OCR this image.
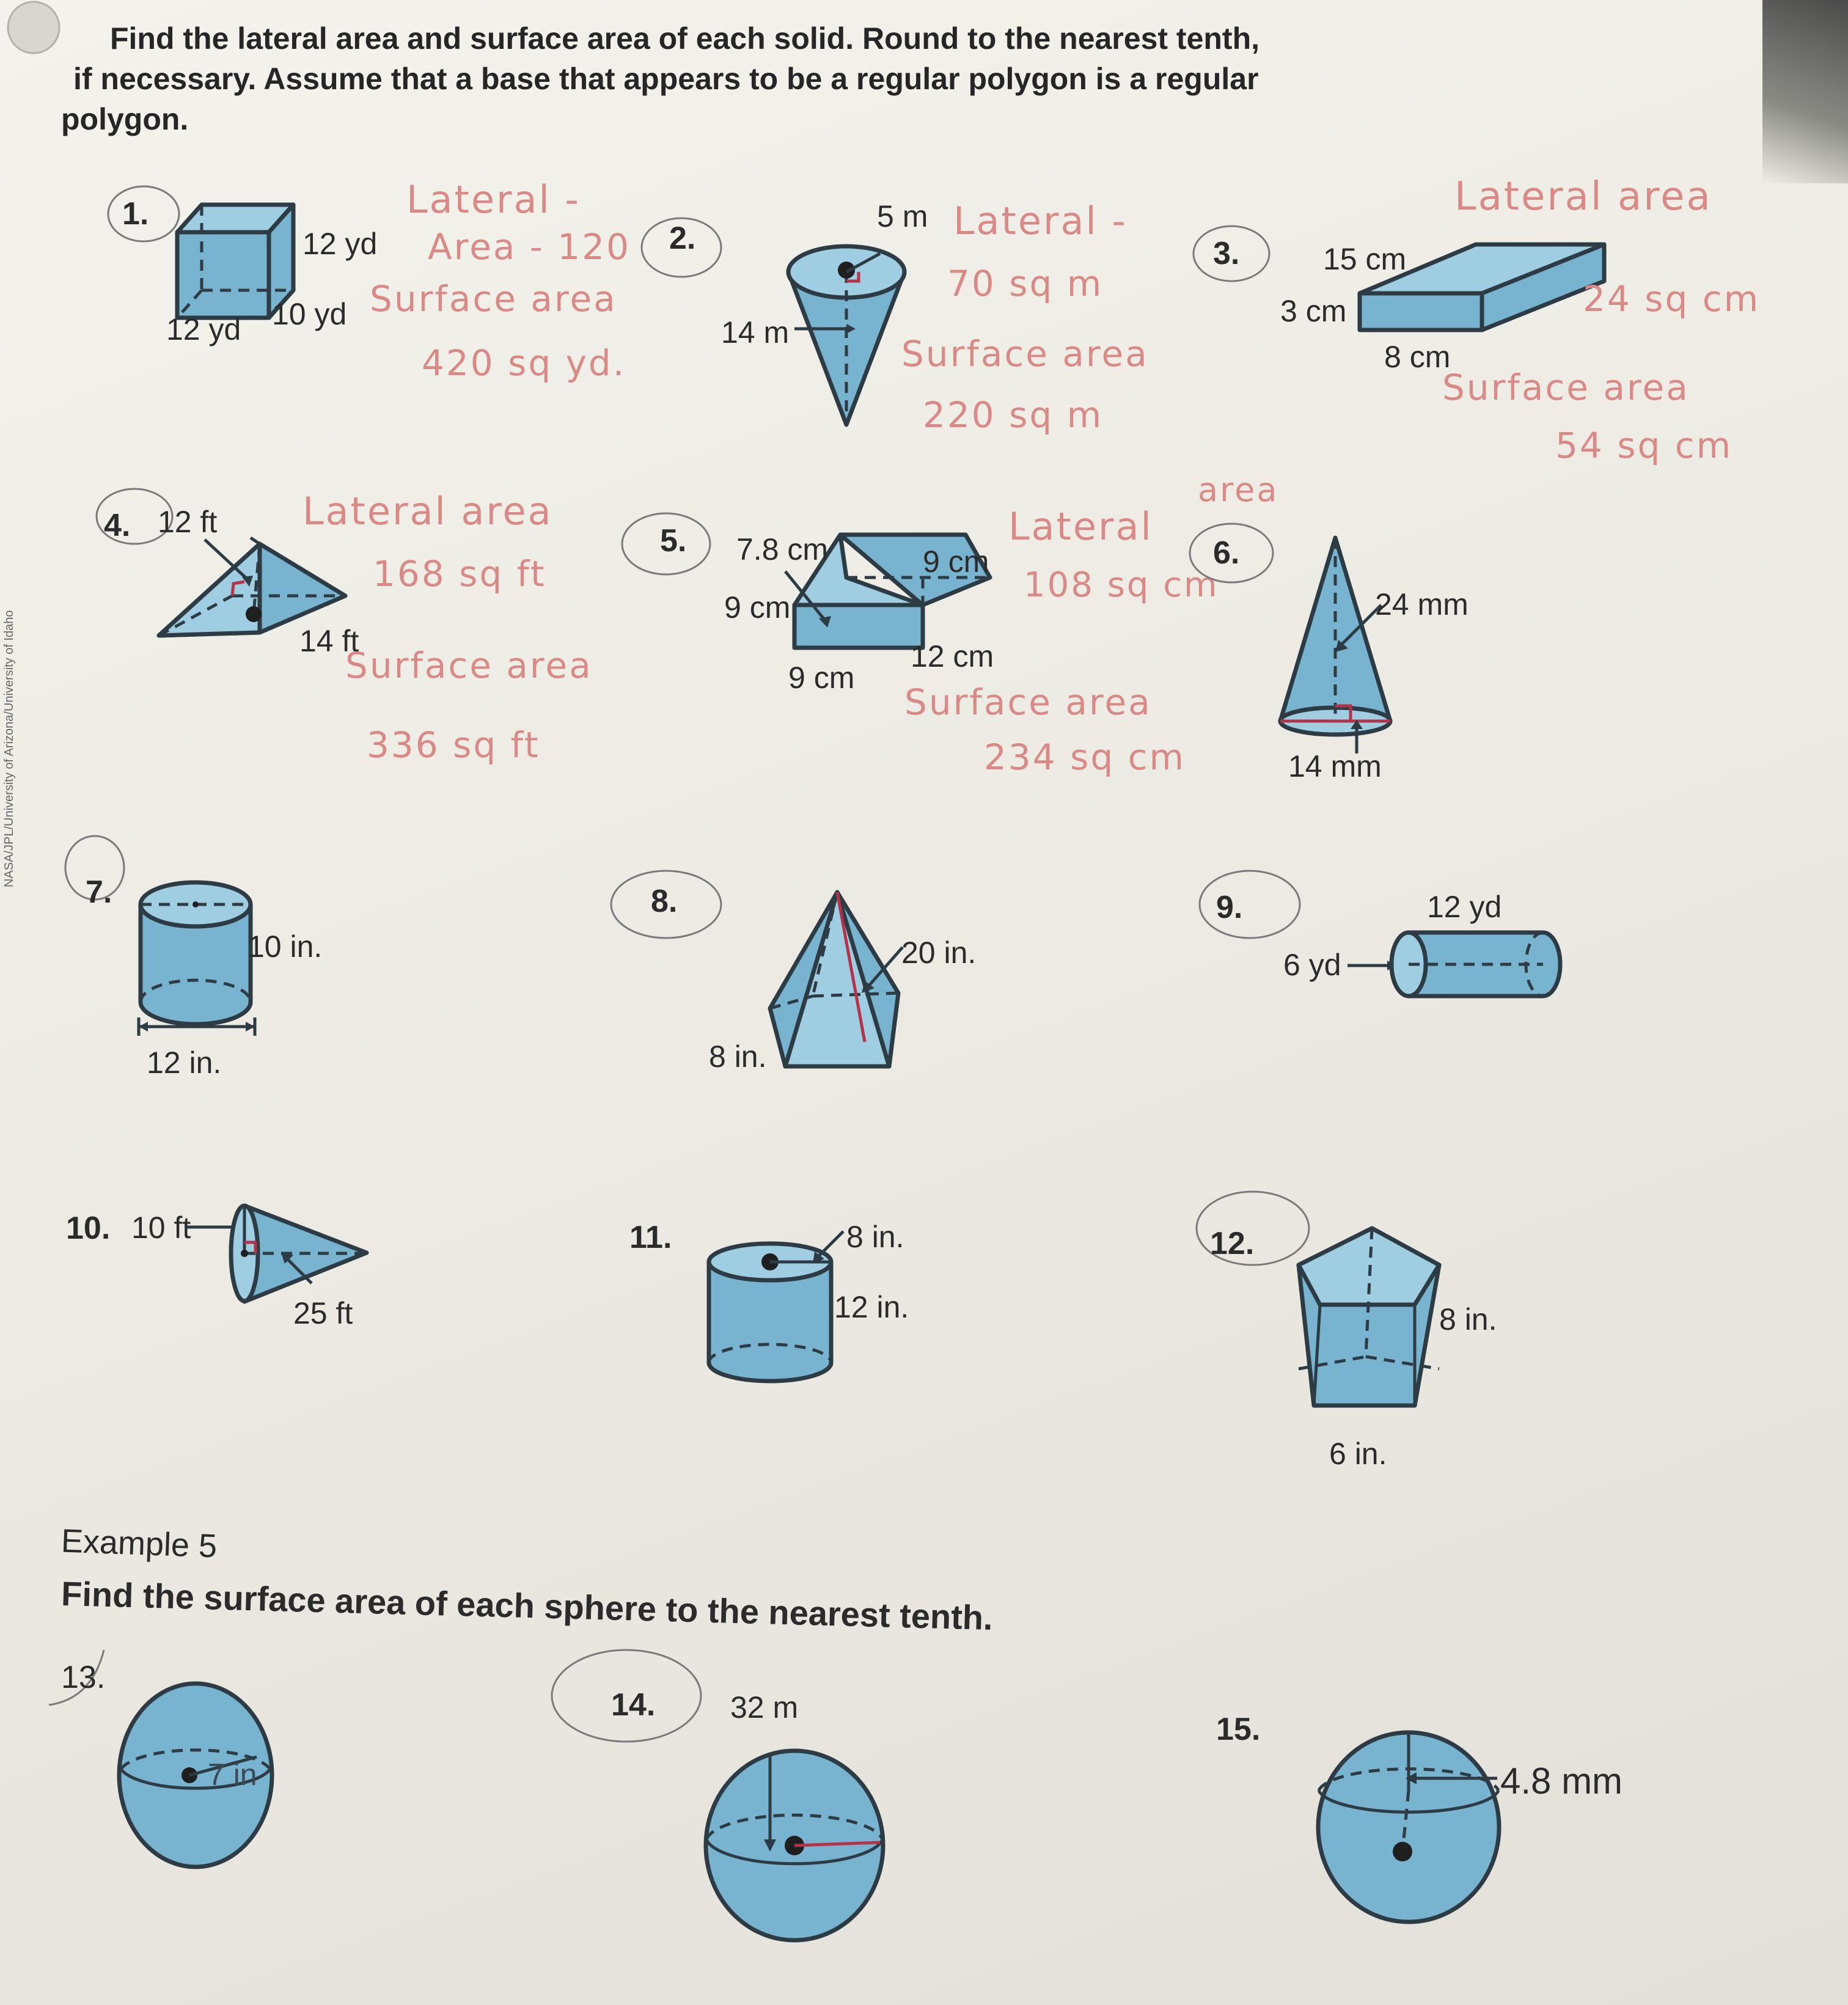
NASA/JPL/University of Arizona/University of Idaho
Find the lateral area and surface area of each solid. Round to the nearest tenth,
if necessary. Assume that a base that appears to be a regular polygon is a regular
polygon.
1.
12 yd
10 yd
12 yd
Lateral -
Area - 120
Surface area
420 sq yd.
2.
5 m
14 m
Lateral -
70 sq m
Surface area
220 sq m
3.	15 cm
3 cm
8 cm
Lateral area
24 sq cm
Surface area
54 sq cm
4. 12 ft
14 ft
Lateral area
168 sq ft
Surface area
336 sq ft
5. 7.8 cm
9 cm
9 cm
9 cm
12 cm
Lateral
area
108 sq cm
Surface area
234 sq cm
6.
24 mm
14 mm
7.
10 in.
12 in.
8.
20 in.
8 in.
9.	12 yd
6 yd
10. 10 ft
25 ft
11.	8 in.
12 in.
12.
8 in.
6 in.
Example 5
Find the surface area of each sphere to the nearest tenth.
13.
7 in
14. 32 m
15.
4.8 mm
